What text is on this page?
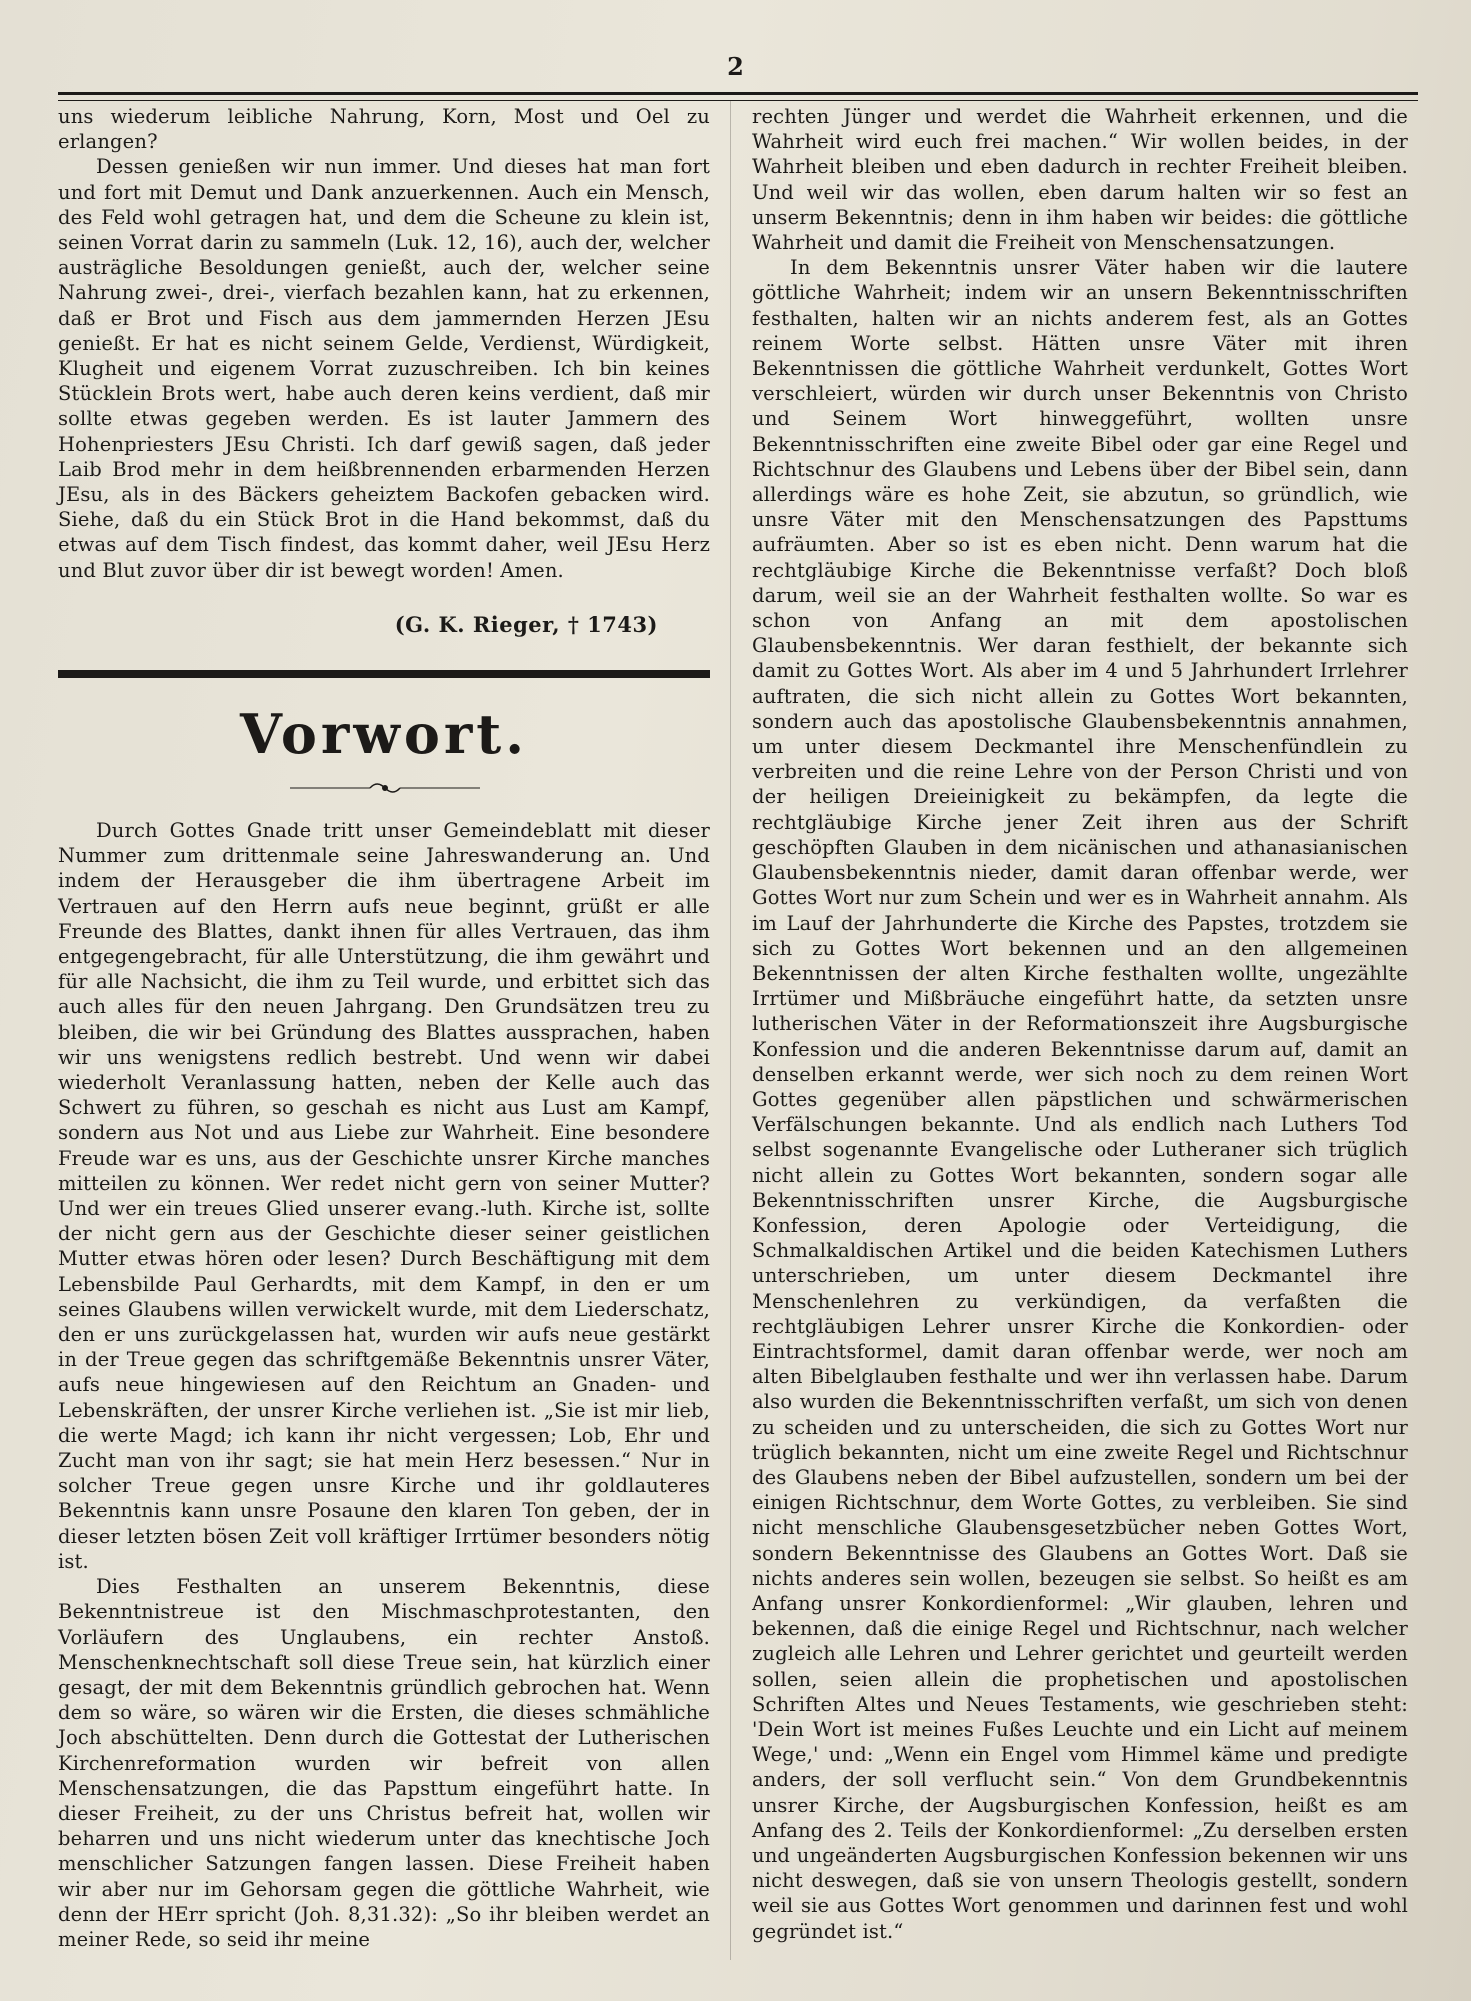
2

uns wiederum leibliche Nahrung, Korn, Most und Oel zu erlangen?

Dessen genießen wir nun immer. Und dieses hat man fort und fort mit Demut und Dank anzuerkennen. Auch ein Mensch, des Feld wohl getragen hat, und dem die Scheune zu klein ist, seinen Vorrat darin zu sammeln (Luk. 12, 16), auch der, welcher austrägliche Besoldungen genießt, auch der, welcher seine Nahrung zwei-, drei-, vierfach bezahlen kann, hat zu erkennen, daß er Brot und Fisch aus dem jammernden Herzen JEsu genießt. Er hat es nicht seinem Gelde, Verdienst, Würdigkeit, Klugheit und eigenem Vorrat zuzuschreiben. Ich bin keines Stücklein Brots wert, habe auch deren keins verdient, daß mir sollte etwas gegeben werden. Es ist lauter Jammern des Hohenpriesters JEsu Christi. Ich darf gewiß sagen, daß jeder Laib Brod mehr in dem heißbrennenden erbarmenden Herzen JEsu, als in des Bäckers geheiztem Backofen gebacken wird. Siehe, daß du ein Stück Brot in die Hand bekommst, daß du etwas auf dem Tisch findest, das kommt daher, weil JEsu Herz und Blut zuvor über dir ist bewegt worden! Amen.

(G. K. Rieger, † 1743)
Vorwort.

Durch Gottes Gnade tritt unser Gemeindeblatt mit dieser Nummer zum drittenmale seine Jahreswanderung an. Und indem der Herausgeber die ihm übertragene Arbeit im Vertrauen auf den Herrn aufs neue beginnt, grüßt er alle Freunde des Blattes, dankt ihnen für alles Vertrauen, das ihm entgegengebracht, für alle Unterstützung, die ihm gewährt und für alle Nachsicht, die ihm zu Teil wurde, und erbittet sich das auch alles für den neuen Jahrgang. Den Grundsätzen treu zu bleiben, die wir bei Gründung des Blattes aussprachen, haben wir uns wenigstens redlich bestrebt. Und wenn wir dabei wiederholt Veranlassung hatten, neben der Kelle auch das Schwert zu führen, so geschah es nicht aus Lust am Kampf, sondern aus Not und aus Liebe zur Wahrheit. Eine besondere Freude war es uns, aus der Geschichte unsrer Kirche manches mitteilen zu können. Wer redet nicht gern von seiner Mutter? Und wer ein treues Glied unserer evang.-luth. Kirche ist, sollte der nicht gern aus der Geschichte dieser seiner geistlichen Mutter etwas hören oder lesen? Durch Beschäftigung mit dem Lebensbilde Paul Gerhardts, mit dem Kampf, in den er um seines Glaubens willen verwickelt wurde, mit dem Liederschatz, den er uns zurückgelassen hat, wurden wir aufs neue gestärkt in der Treue gegen das schriftgemäße Bekenntnis unsrer Väter, aufs neue hingewiesen auf den Reichtum an Gnaden- und Lebenskräften, der unsrer Kirche verliehen ist. „Sie ist mir lieb, die werte Magd; ich kann ihr nicht vergessen; Lob, Ehr und Zucht man von ihr sagt; sie hat mein Herz besessen.“ Nur in solcher Treue gegen unsre Kirche und ihr goldlauteres Bekenntnis kann unsre Posaune den klaren Ton geben, der in dieser letzten bösen Zeit voll kräftiger Irrtümer besonders nötig ist.

Dies Festhalten an unserem Bekenntnis, diese Bekenntnistreue ist den Mischmaschprotestanten, den Vorläufern des Unglaubens, ein rechter Anstoß. Menschenknechtschaft soll diese Treue sein, hat kürzlich einer gesagt, der mit dem Bekenntnis gründlich gebrochen hat. Wenn dem so wäre, so wären wir die Ersten, die dieses schmähliche Joch abschüttelten. Denn durch die Gottestat der Lutherischen Kirchenreformation wurden wir befreit von allen Menschensatzungen, die das Papsttum eingeführt hatte. In dieser Freiheit, zu der uns Christus befreit hat, wollen wir beharren und uns nicht wiederum unter das knechtische Joch menschlicher Satzungen fangen lassen. Diese Freiheit haben wir aber nur im Gehorsam gegen die göttliche Wahrheit, wie denn der HErr spricht (Joh. 8,31.32): „So ihr bleiben werdet an meiner Rede, so seid ihr meine

rechten Jünger und werdet die Wahrheit erkennen, und die Wahrheit wird euch frei machen.“ Wir wollen beides, in der Wahrheit bleiben und eben dadurch in rechter Freiheit bleiben. Und weil wir das wollen, eben darum halten wir so fest an unserm Bekenntnis; denn in ihm haben wir beides: die göttliche Wahrheit und damit die Freiheit von Menschensatzungen.

In dem Bekenntnis unsrer Väter haben wir die lautere göttliche Wahrheit; indem wir an unsern Bekenntnisschriften festhalten, halten wir an nichts anderem fest, als an Gottes reinem Worte selbst. Hätten unsre Väter mit ihren Bekenntnissen die göttliche Wahrheit verdunkelt, Gottes Wort verschleiert, würden wir durch unser Bekenntnis von Christo und Seinem Wort hinweggeführt, wollten unsre Bekenntnisschriften eine zweite Bibel oder gar eine Regel und Richtschnur des Glaubens und Lebens über der Bibel sein, dann allerdings wäre es hohe Zeit, sie abzutun, so gründlich, wie unsre Väter mit den Menschensatzungen des Papsttums aufräumten. Aber so ist es eben nicht. Denn warum hat die rechtgläubige Kirche die Bekenntnisse verfaßt? Doch bloß darum, weil sie an der Wahrheit festhalten wollte. So war es schon von Anfang an mit dem apostolischen Glaubensbekenntnis. Wer daran festhielt, der bekannte sich damit zu Gottes Wort. Als aber im 4 und 5 Jahrhundert Irrlehrer auftraten, die sich nicht allein zu Gottes Wort bekannten, sondern auch das apostolische Glaubensbekenntnis annahmen, um unter diesem Deckmantel ihre Menschenfündlein zu verbreiten und die reine Lehre von der Person Christi und von der heiligen Dreieinigkeit zu bekämpfen, da legte die rechtgläubige Kirche jener Zeit ihren aus der Schrift geschöpften Glauben in dem nicänischen und athanasianischen Glaubensbekenntnis nieder, damit daran offenbar werde, wer Gottes Wort nur zum Schein und wer es in Wahrheit annahm. Als im Lauf der Jahrhunderte die Kirche des Papstes, trotzdem sie sich zu Gottes Wort bekennen und an den allgemeinen Bekenntnissen der alten Kirche festhalten wollte, ungezählte Irrtümer und Mißbräuche eingeführt hatte, da setzten unsre lutherischen Väter in der Reformationszeit ihre Augsburgische Konfession und die anderen Bekenntnisse darum auf, damit an denselben erkannt werde, wer sich noch zu dem reinen Wort Gottes gegenüber allen päpstlichen und schwärmerischen Verfälschungen bekannte. Und als endlich nach Luthers Tod selbst sogenannte Evangelische oder Lutheraner sich trüglich nicht allein zu Gottes Wort bekannten, sondern sogar alle Bekenntnisschriften unsrer Kirche, die Augsburgische Konfession, deren Apologie oder Verteidigung, die Schmalkaldischen Artikel und die beiden Katechismen Luthers unterschrieben, um unter diesem Deckmantel ihre Menschenlehren zu verkündigen, da verfaßten die rechtgläubigen Lehrer unsrer Kirche die Konkordien- oder Eintrachtsformel, damit daran offenbar werde, wer noch am alten Bibelglauben festhalte und wer ihn verlassen habe. Darum also wurden die Bekenntnisschriften verfaßt, um sich von denen zu scheiden und zu unterscheiden, die sich zu Gottes Wort nur trüglich bekannten, nicht um eine zweite Regel und Richtschnur des Glaubens neben der Bibel aufzustellen, sondern um bei der einigen Richtschnur, dem Worte Gottes, zu verbleiben. Sie sind nicht menschliche Glaubensgesetzbücher neben Gottes Wort, sondern Bekenntnisse des Glaubens an Gottes Wort. Daß sie nichts anderes sein wollen, bezeugen sie selbst. So heißt es am Anfang unsrer Konkordienformel: „Wir glauben, lehren und bekennen, daß die einige Regel und Richtschnur, nach welcher zugleich alle Lehren und Lehrer gerichtet und geurteilt werden sollen, seien allein die prophetischen und apostolischen Schriften Altes und Neues Testaments, wie geschrieben steht: 'Dein Wort ist meines Fußes Leuchte und ein Licht auf meinem Wege,' und: „Wenn ein Engel vom Himmel käme und predigte anders, der soll verflucht sein.“ Von dem Grundbekenntnis unsrer Kirche, der Augsburgischen Konfession, heißt es am Anfang des 2. Teils der Konkordienformel: „Zu derselben ersten und ungeänderten Augsburgischen Konfession bekennen wir uns nicht deswegen, daß sie von unsern Theologis gestellt, sondern weil sie aus Gottes Wort genommen und darinnen fest und wohl gegründet ist.“
